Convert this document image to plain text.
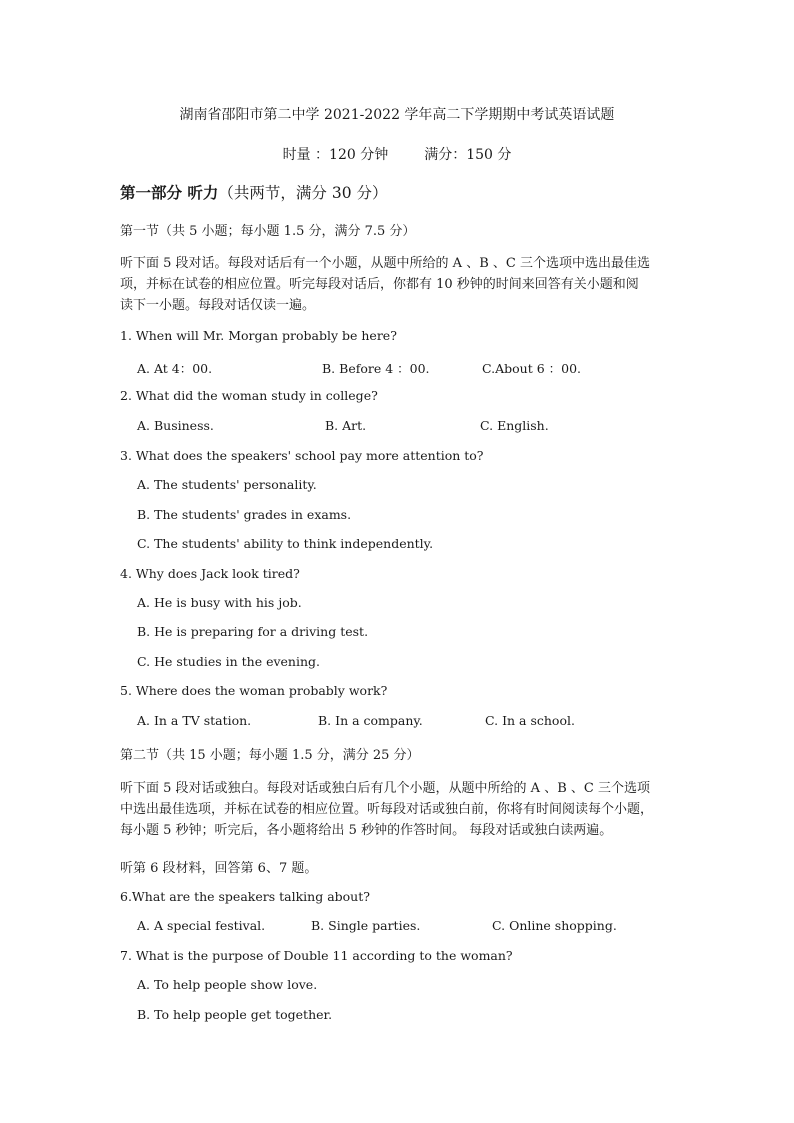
湖南省邵阳市第二中学 2021-2022 学年高二下学期期中考试英语试题
时量 ：120 分钟	满分：150 分
第一部分 听力（共两节，满分 30 分）
第一节（共 5 小题；每小题 1.5 分，满分 7.5 分）
听下面 5 段对话。每段对话后有一个小题，从题中所给的 A 、B 、C 三个选项中选出最佳选
项，并标在试卷的相应位置。听完每段对话后，你都有 10 秒钟的时间来回答有关小题和阅
读下一小题。每段对话仅读一遍。
1. When will Mr. Morgan probably be here?
A. At 4：00.	B. Before 4 ：00.	C.About 6 ：00.
2. What did the woman study in college?
A. Business.	B. Art.	C. English.
3. What does the speakers' school pay more attention to?
A. The students' personality.
B. The students' grades in exams.
C. The students' ability to think independently.
4. Why does Jack look tired?
A. He is busy with his job.
B. He is preparing for a driving test.
C. He studies in the evening.
5. Where does the woman probably work?
A. In a TV station.	B. In a company.	C. In a school.
第二节（共 15 小题；每小题 1.5 分，满分 25 分）
听下面 5 段对话或独白。每段对话或独白后有几个小题，从题中所给的 A 、B 、C 三个选项
中选出最佳选项，并标在试卷的相应位置。听每段对话或独白前，你将有时间阅读每个小题，
每小题 5 秒钟；听完后，各小题将给出 5 秒钟的作答时间。 每段对话或独白读两遍。
听第 6 段材料，回答第 6、7 题。
6.What are the speakers talking about?
A. A special festival.	B. Single parties.	C. Online shopping.
7. What is the purpose of Double 11 according to the woman?
A. To help people show love.
B. To help people get together.
